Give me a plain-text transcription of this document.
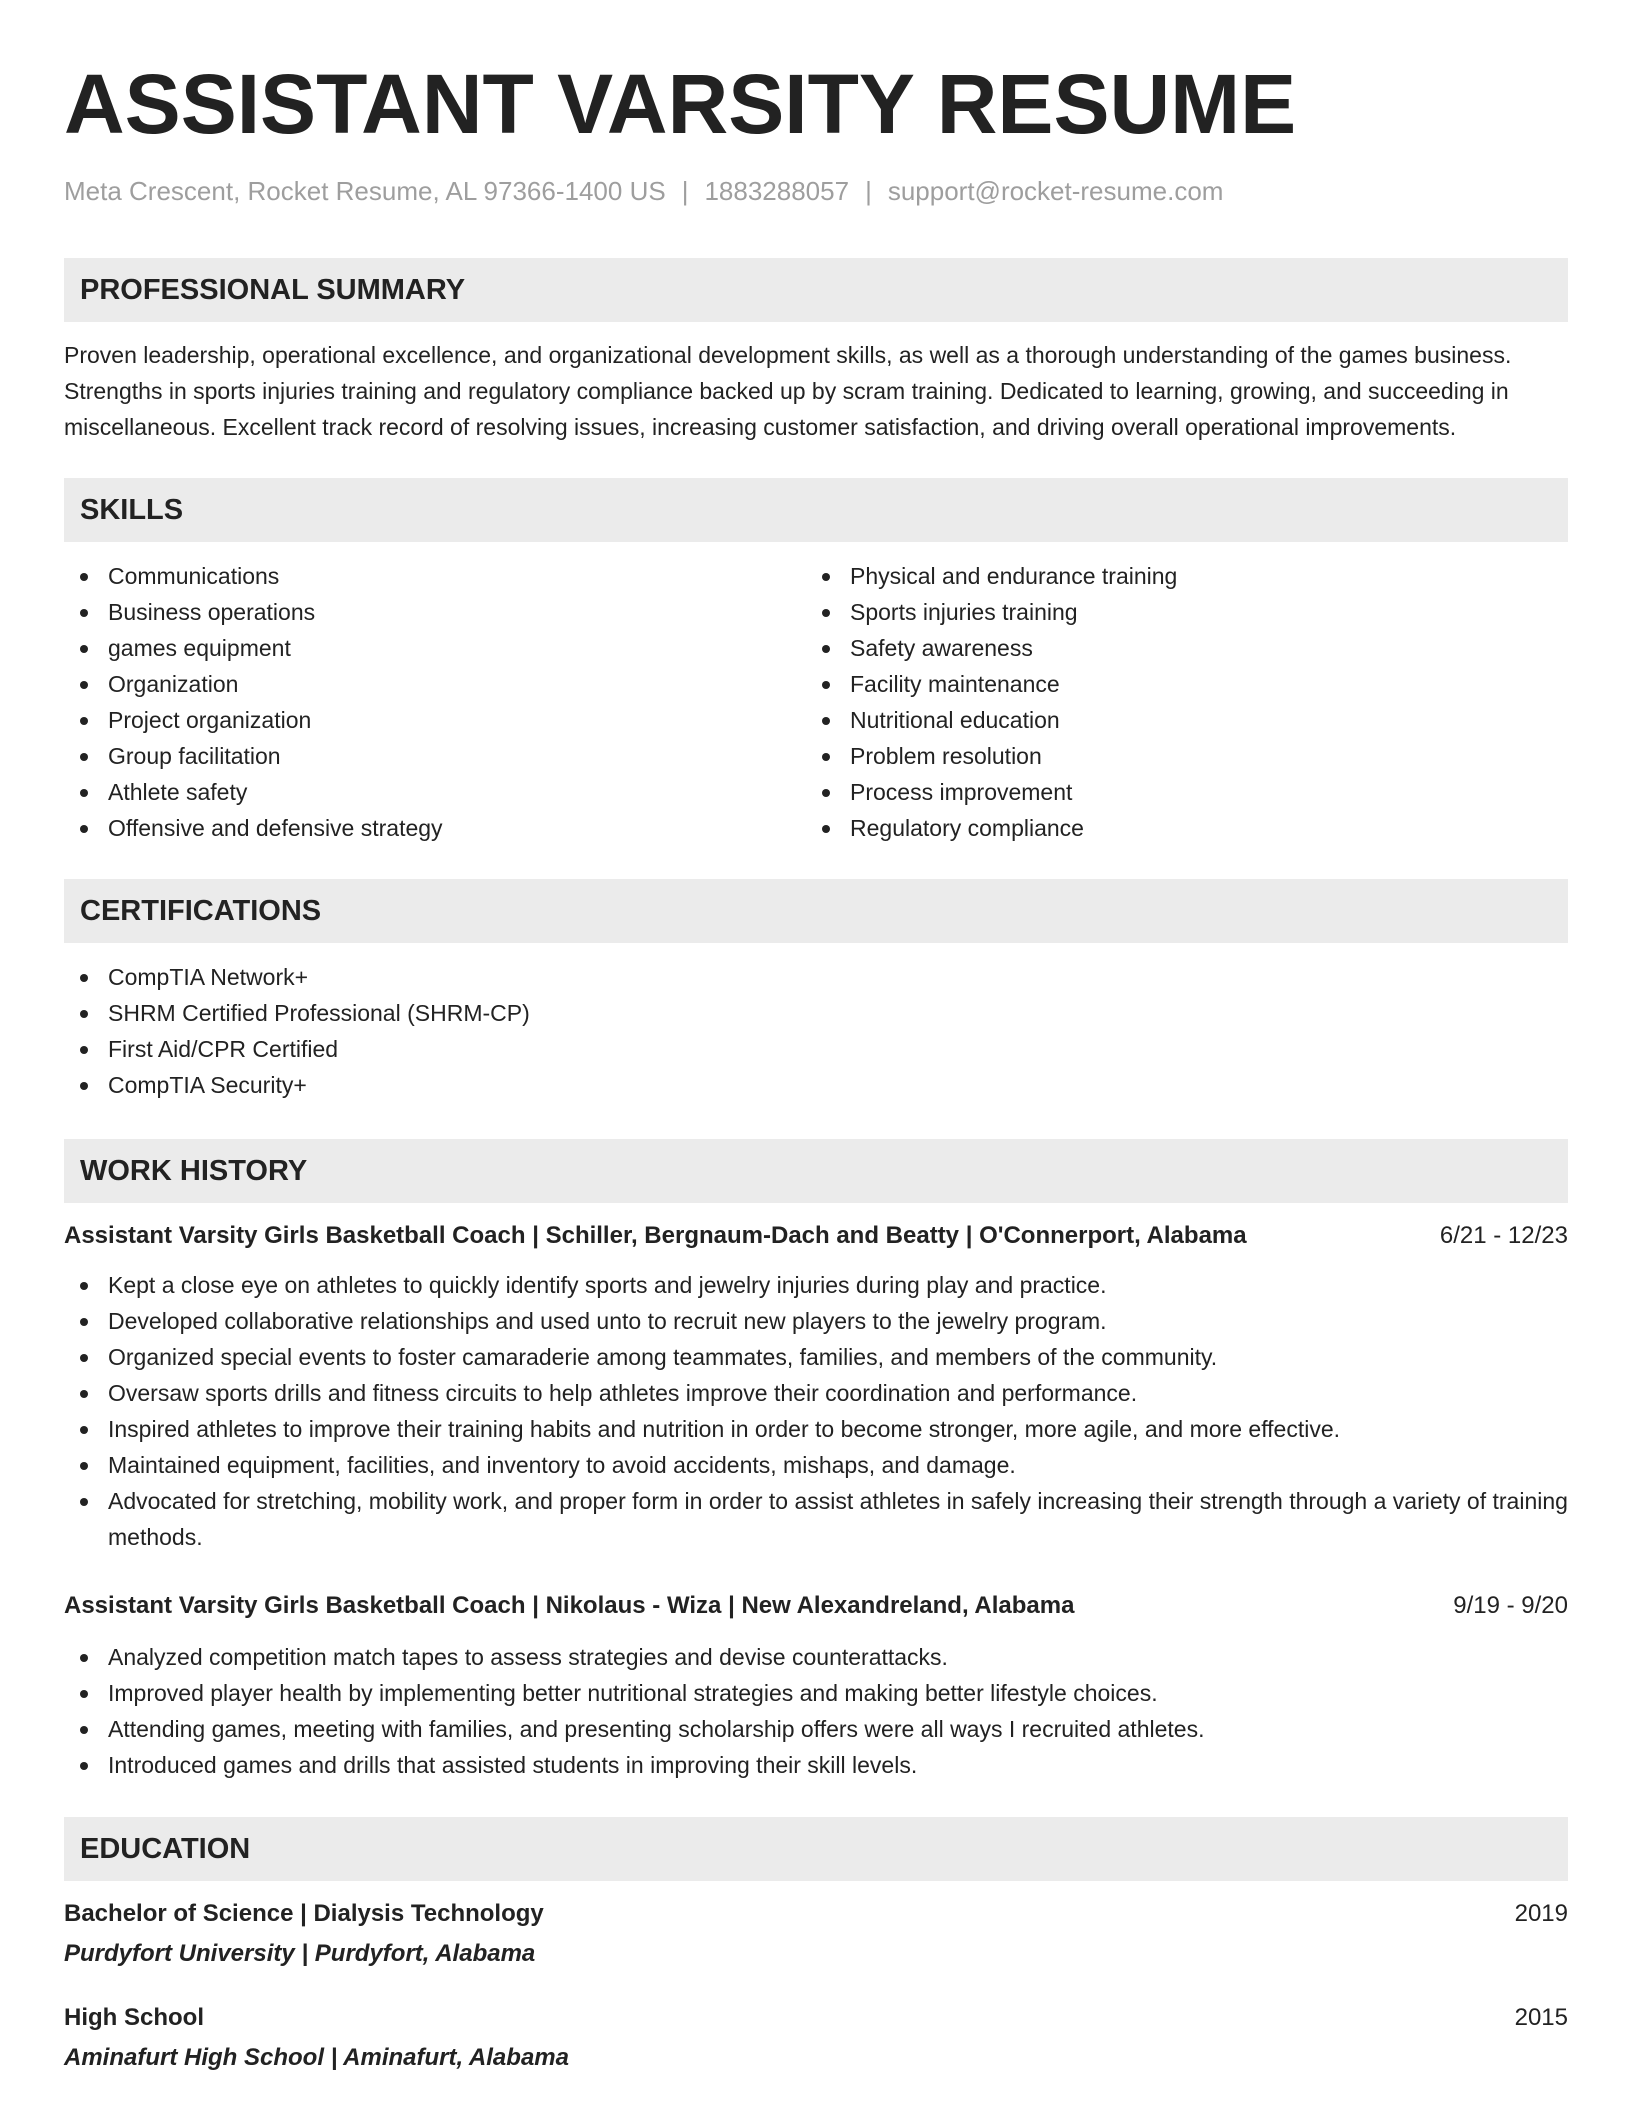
ASSISTANT VARSITY RESUME
Meta Crescent, Rocket Resume, AL 97366-1400 US | 1883288057 | support@rocket-resume.com
PROFESSIONAL SUMMARY
Proven leadership, operational excellence, and organizational development skills, as well as a thorough understanding of the games business. Strengths in sports injuries training and regulatory compliance backed up by scram training. Dedicated to learning, growing, and succeeding in miscellaneous. Excellent track record of resolving issues, increasing customer satisfaction, and driving overall operational improvements.
SKILLS
Communications
Business operations
games equipment
Organization
Project organization
Group facilitation
Athlete safety
Offensive and defensive strategy
Physical and endurance training
Sports injuries training
Safety awareness
Facility maintenance
Nutritional education
Problem resolution
Process improvement
Regulatory compliance
CERTIFICATIONS
CompTIA Network+
SHRM Certified Professional (SHRM-CP)
First Aid/CPR Certified
CompTIA Security+
WORK HISTORY
Assistant Varsity Girls Basketball Coach | Schiller, Bergnaum-Dach and Beatty | O'Connerport, Alabama	6/21 - 12/23
Kept a close eye on athletes to quickly identify sports and jewelry injuries during play and practice.
Developed collaborative relationships and used unto to recruit new players to the jewelry program.
Organized special events to foster camaraderie among teammates, families, and members of the community.
Oversaw sports drills and fitness circuits to help athletes improve their coordination and performance.
Inspired athletes to improve their training habits and nutrition in order to become stronger, more agile, and more effective.
Maintained equipment, facilities, and inventory to avoid accidents, mishaps, and damage.
Advocated for stretching, mobility work, and proper form in order to assist athletes in safely increasing their strength through a variety of training methods.
Assistant Varsity Girls Basketball Coach | Nikolaus - Wiza | New Alexandreland, Alabama	9/19 - 9/20
Analyzed competition match tapes to assess strategies and devise counterattacks.
Improved player health by implementing better nutritional strategies and making better lifestyle choices.
Attending games, meeting with families, and presenting scholarship offers were all ways I recruited athletes.
Introduced games and drills that assisted students in improving their skill levels.
EDUCATION
Bachelor of Science | Dialysis Technology	2019
Purdyfort University | Purdyfort, Alabama
High School	2015
Aminafurt High School | Aminafurt, Alabama
